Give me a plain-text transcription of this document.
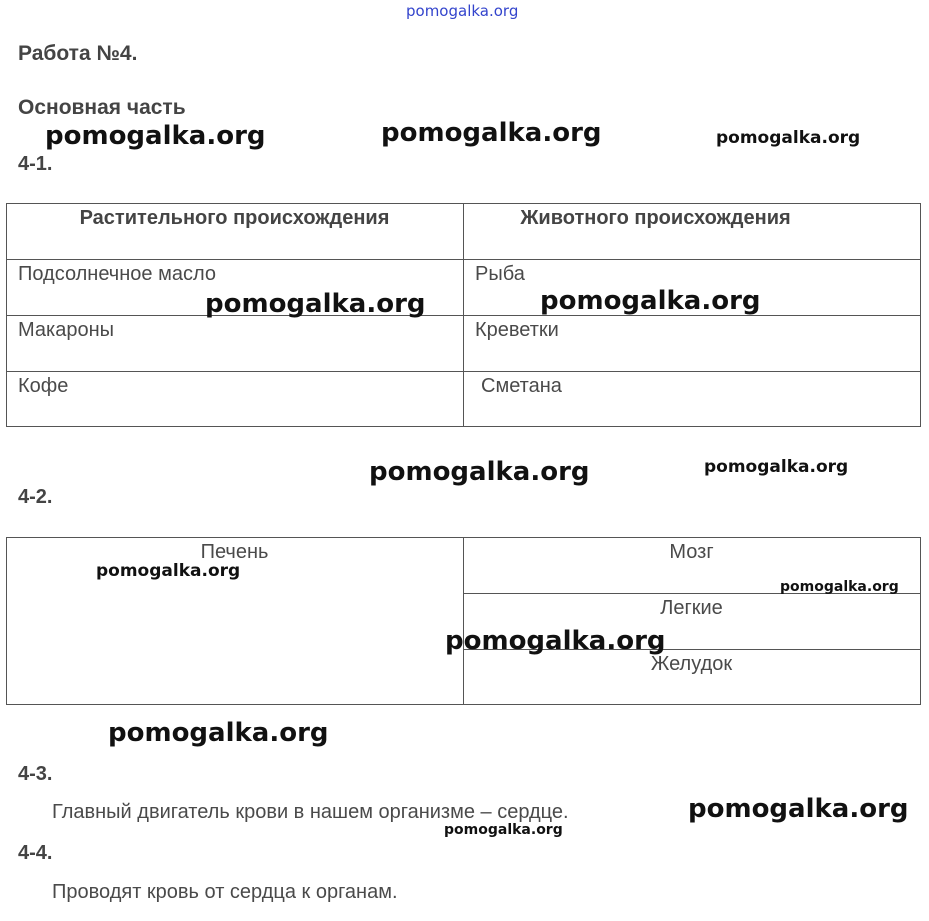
pomogalka.org
Работа №4.
Основная часть
4-1.
Растительного происхождения	Животного происхождения
Подсолнечное масло	Рыба
Макароны	Креветки
Кофе	Сметана
4-2.
Печень	Мозг
Легкие
Желудок
4-3.
Главный двигатель крови в нашем организме – сердце.
4-4.
Проводят кровь от сердца к органам.
pomogalka.org	pomogalka.org	pomogalka.org
pomogalka.org	pomogalka.org
pomogalka.org	pomogalka.org
pomogalka.org
pomogalka.org
pomogalka.org
pomogalka.org
pomogalka.org
pomogalka.org
